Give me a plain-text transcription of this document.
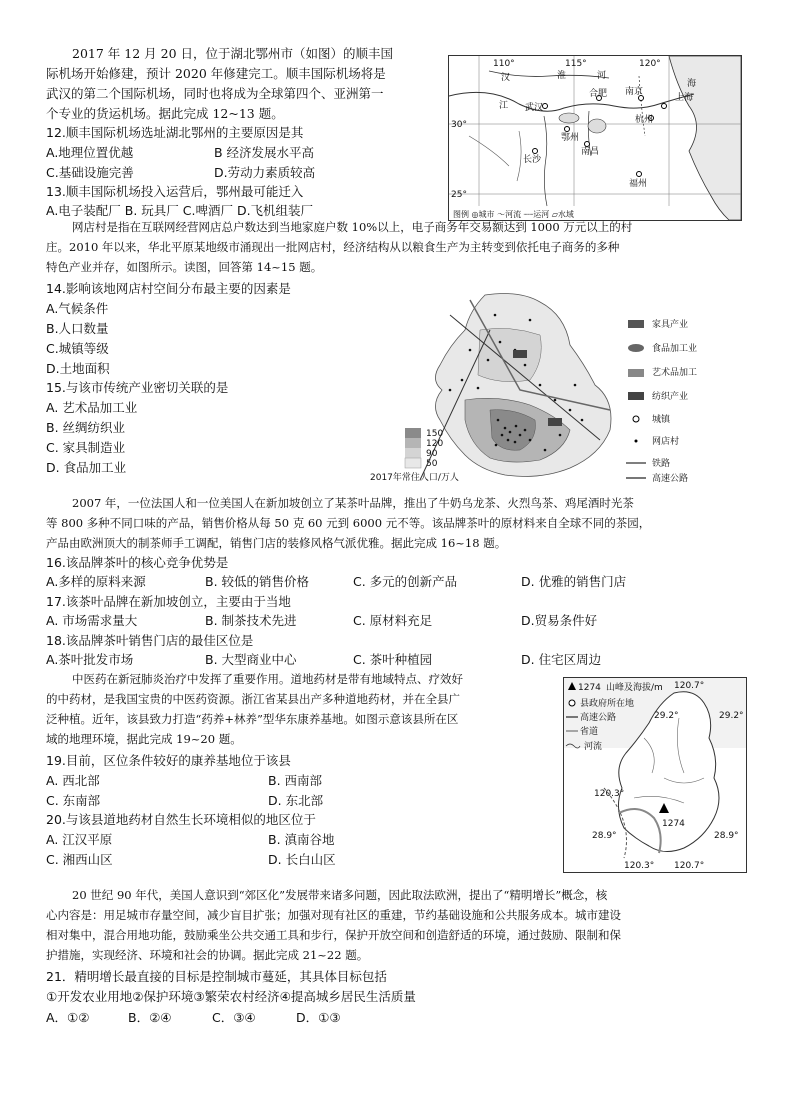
2017 年 12 月 20 日，位于湖北鄂州市（如图）的顺丰国
际机场开始修建，预计 2020 年修建完工。顺丰国际机场将是
武汉的第二个国际机场，同时也将成为全球第四个、亚洲第一
个专业的货运机场。据此完成 12~13 题。
12.顺丰国际机场选址湖北鄂州的主要原因是其
A.地理位置优越	B 经济发展水平高
C.基础设施完善	D.劳动力素质较高
13.顺丰国际机场投入运营后，鄂州最可能迁入
A.电子装配厂 B. 玩具厂 C.啤酒厂 D.飞机组装厂
110°	115°	120°
30°
25°
汉	淮	河
江
海
合肥 南京
上海
武汉
杭州
鄂州
长沙
南昌
福州
图例 ◎城市 ～河流 ┈┈运河 ▱水域
网店村是指在互联网经营网店总户数达到当地家庭户数 10%以上，电子商务年交易额达到 1000 万元以上的村
庄。2010 年以来，华北平原某地级市涌现出一批网店村，经济结构从以粮食生产为主转变到依托电子商务的多种
特色产业并存，如图所示。读图，回答第 14~15 题。
14.影响该地网店村空间分布最主要的因素是
A.气候条件
B.人口数量
C.城镇等级
D.土地面积
15.与该市传统产业密切关联的是
A. 艺术品加工业
B. 丝绸纺织业
C. 家具制造业
D. 食品加工业
150
120
90
50
2017年常住人口/万人
家具产业
食品加工业
艺术品加工
纺织产业
城镇
网店村
铁路
高速公路
2007 年，一位法国人和一位美国人在新加坡创立了某茶叶品牌，推出了牛奶乌龙茶、火烈鸟茶、鸡尾酒时光茶
等 800 多种不同口味的产品，销售价格从每 50 克 60 元到 6000 元不等。该品牌茶叶的原材料来自全球不同的茶园，
产品由欧洲顶大的制茶师手工调配，销售门店的装修风格气派优雅。据此完成 16~18 题。
16.该品牌茶叶的核心竞争优势是
A.多样的原料来源	B. 较低的销售价格	C. 多元的创新产品	D. 优雅的销售门店
17.该茶叶品牌在新加坡创立，主要由于当地
A. 市场需求量大	B. 制茶技术先进	C. 原材料充足	D.贸易条件好
18.该品牌茶叶销售门店的最佳区位是
A.茶叶批发市场	B. 大型商业中心	C. 茶叶种植园	D. 住宅区周边
中医药在新冠肺炎治疗中发挥了重要作用。道地药材是带有地域特点、疗效好
的中药材，是我国宝贵的中医药资源。浙江省某县出产多种道地药材，并在全县广
泛种植。近年，该县致力打造“药养+林养”型华东康养基地。如图示意该县所在区
域的地理环境，据此完成 19~20 题。
19.目前，区位条件较好的康养基地位于该县
A. 西北部	B. 西南部
C. 东南部	D. 东北部
20.与该县道地药材自然生长环境相似的地区位于
A. 江汉平原	B. 滇南谷地
C. 湘西山区	D. 长白山区
1274 山峰及海拔/m
县政府所在地
高速公路
省道
河流
120.7°
29.2°	29.2°
120.3°
1274
28.9°	28.9°
120.3° 120.7°
20 世纪 90 年代，美国人意识到“郊区化”发展带来诸多问题，因此取法欧洲，提出了“精明增长”概念，核
心内容是：用足城市存量空间，减少盲目扩张；加强对现有社区的重建，节约基础设施和公共服务成本。城市建设
相对集中，混合用地功能，鼓励乘坐公共交通工具和步行，保护开放空间和创造舒适的环境，通过鼓励、限制和保
护措施，实现经济、环境和社会的协调。据此完成 21~22 题。
21．精明增长最直接的目标是控制城市蔓延，其具体目标包括
①开发农业用地②保护环境③繁荣农村经济④提高城乡居民生活质量
A．①②	B．②④	C．③④	D．①③
